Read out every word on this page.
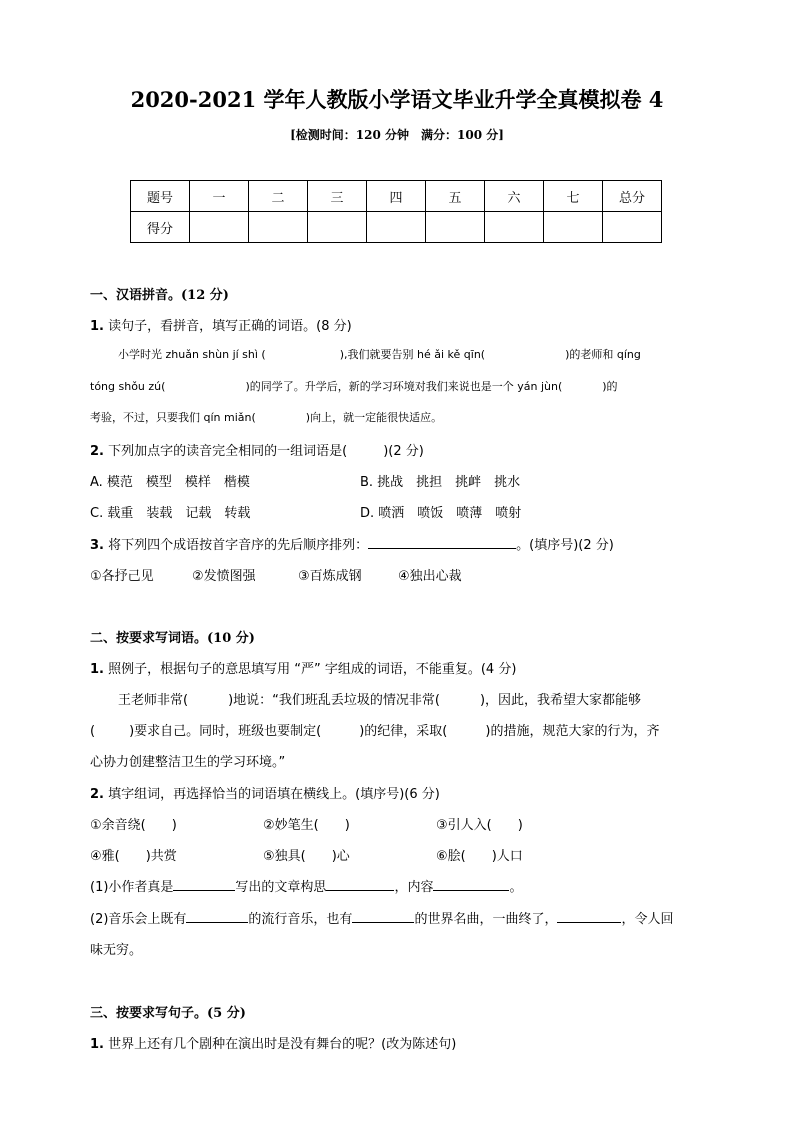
2020-2021 学年人教版小学语文毕业升学全真模拟卷 4
[检测时间：120 分钟　满分：100 分]
题号	一	二	三	四	五	六	七	总分
得分								
一、汉语拼音。(12 分)
1. 读句子，看拼音，填写正确的词语。(8 分)
小学时光 zhuǎn shùn jí shì (	),我们就要告别 hé ǎi kě qīn(	)的老师和 qíng
tóng shǒu zú(	)的同学了。升学后，新的学习环境对我们来说也是一个 yán jùn(	)的
考验，不过，只要我们 qín miǎn(	)向上，就一定能很快适应。
2. 下列加点字的读音完全相同的一组词语是(	)(2 分)
A. 模范　模型　模样　楷模	B. 挑战　挑担　挑衅　挑水
C. 载重　装载　记载　转载	D. 喷洒　喷饭　喷薄　喷射
3. 将下列四个成语按首字音序的先后顺序排列：	。(填序号)(2 分)
①各抒己见	②发愤图强	③百炼成钢	④独出心裁
二、按要求写词语。(10 分)
1. 照例子，根据句子的意思填写用 “严” 字组成的词语，不能重复。(4 分)
王老师非常(	)地说：“我们班乱丢垃圾的情况非常(	)，因此，我希望大家都能够
(	)要求自己。同时，班级也要制定(	)的纪律，采取(	)的措施，规范大家的行为，齐
心协力创建整洁卫生的学习环境。”
2. 填字组词，再选择恰当的词语填在横线上。(填序号)(6 分)
①余音绕(　　)	②妙笔生(　　)	③引人入(　　)
④雅(　　)共赏	⑤独具(　　)心	⑥脍(　　)人口
(1)小作者真是	写出的文章构思	，内容	。
(2)音乐会上既有	的流行音乐，也有	的世界名曲，一曲终了，	，令人回
味无穷。
三、按要求写句子。(5 分)
1. 世界上还有几个剧种在演出时是没有舞台的呢？(改为陈述句)
